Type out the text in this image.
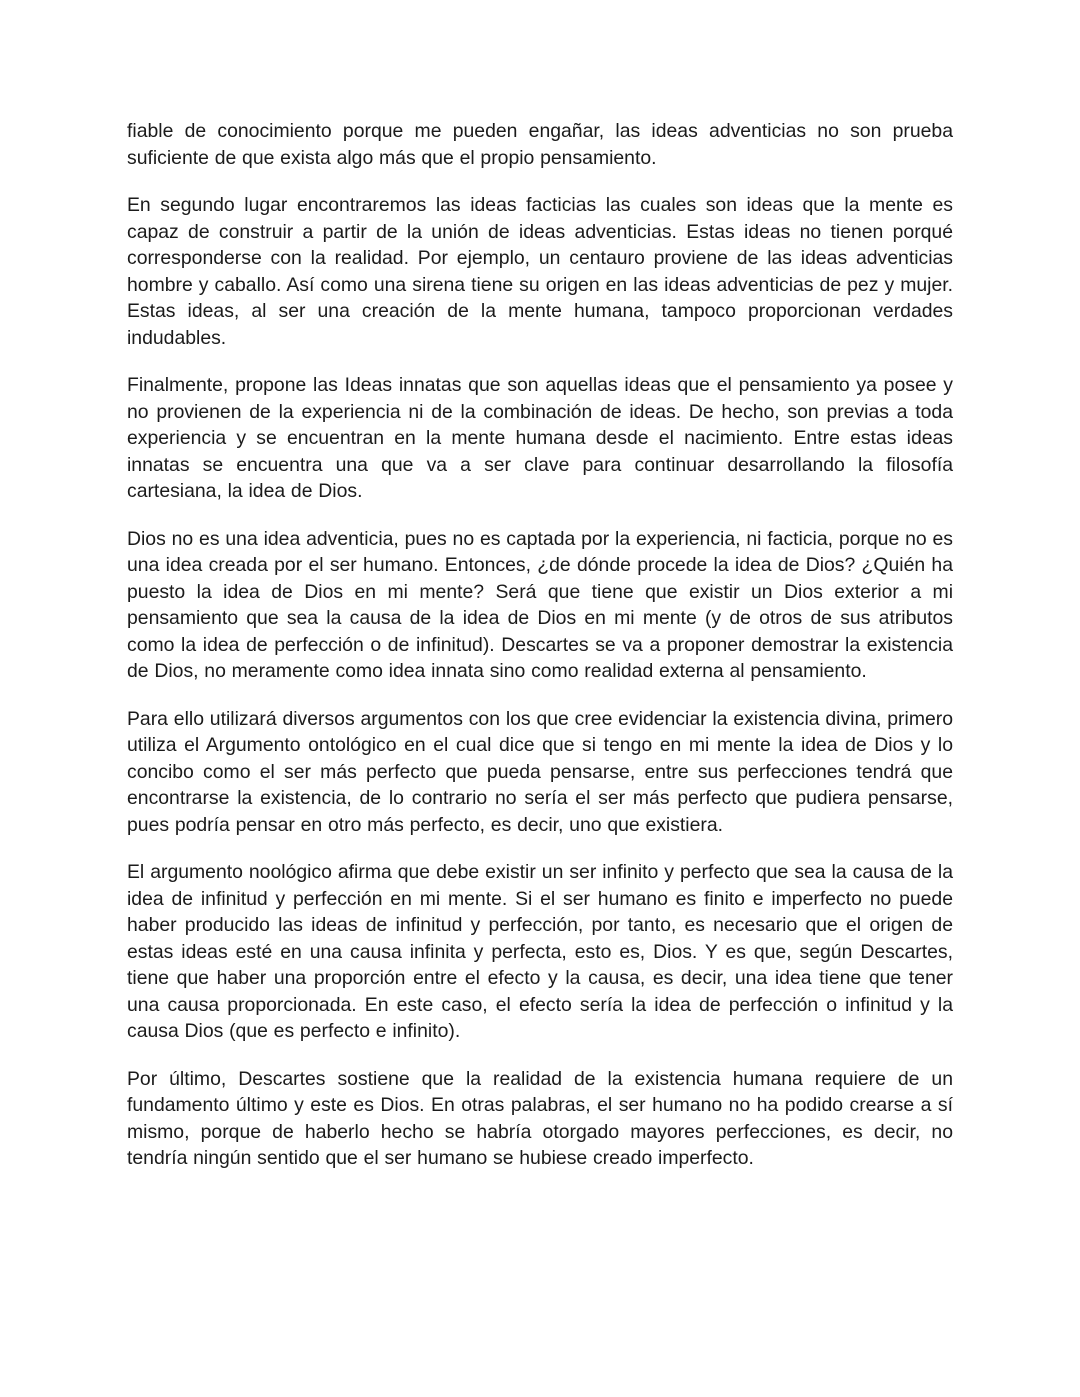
fiable de conocimiento porque me pueden engañar, las ideas adventicias no son prueba suficiente de que exista algo más que el propio pensamiento.

En segundo lugar encontraremos las ideas facticias las cuales son ideas que la mente es capaz de construir a partir de la unión de ideas adventicias. Estas ideas no tienen porqué corresponderse con la realidad. Por ejemplo, un centauro proviene de las ideas adventicias hombre y caballo. Así como una sirena tiene su origen en las ideas adventicias de pez y mujer. Estas ideas, al ser una creación de la mente humana, tampoco proporcionan verdades indudables.

Finalmente, propone las Ideas innatas que son aquellas ideas que el pensamiento ya posee y no provienen de la experiencia ni de la combinación de ideas. De hecho, son previas a toda experiencia y se encuentran en la mente humana desde el nacimiento. Entre estas ideas innatas se encuentra una que va a ser clave para continuar desarrollando la filosofía cartesiana, la idea de Dios.

Dios no es una idea adventicia, pues no es captada por la experiencia, ni facticia, porque no es una idea creada por el ser humano. Entonces, ¿de dónde procede la idea de Dios? ¿Quién ha puesto la idea de Dios en mi mente? Será que tiene que existir un Dios exterior a mi pensamiento que sea la causa de la idea de Dios en mi mente (y de otros de sus atributos como la idea de perfección o de infinitud). Descartes se va a proponer demostrar la existencia de Dios, no meramente como idea innata sino como realidad externa al pensamiento.

Para ello utilizará diversos argumentos con los que cree evidenciar la existencia divina, primero utiliza el Argumento ontológico en el cual dice que si tengo en mi mente la idea de Dios y lo concibo como el ser más perfecto que pueda pensarse, entre sus perfecciones tendrá que encontrarse la existencia, de lo contrario no sería el ser más perfecto que pudiera pensarse, pues podría pensar en otro más perfecto, es decir, uno que existiera.

El argumento noológico afirma que debe existir un ser infinito y perfecto que sea la causa de la idea de infinitud y perfección en mi mente. Si el ser humano es finito e imperfecto no puede haber producido las ideas de infinitud y perfección, por tanto, es necesario que el origen de estas ideas esté en una causa infinita y perfecta, esto es, Dios. Y es que, según Descartes, tiene que haber una proporción entre el efecto y la causa, es decir, una idea tiene que tener una causa proporcionada. En este caso, el efecto sería la idea de perfección o infinitud y la causa Dios (que es perfecto e infinito).

Por último, Descartes sostiene que la realidad de la existencia humana requiere de un fundamento último y este es Dios. En otras palabras, el ser humano no ha podido crearse a sí mismo, porque de haberlo hecho se habría otorgado mayores perfecciones, es decir, no tendría ningún sentido que el ser humano se hubiese creado imperfecto.
